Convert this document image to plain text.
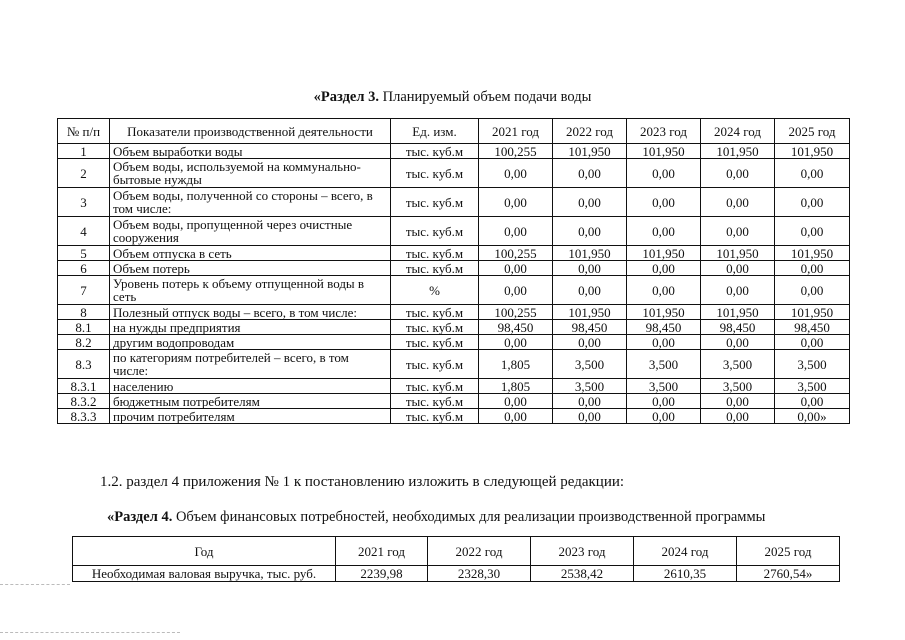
«Раздел 3. Планируемый объем подачи воды
№ п/п	Показатели производственной деятельности	Ед. изм.	2021 год	2022 год	2023 год	2024 год	2025 год
1	Объем выработки воды	тыс. куб.м	100,255	101,950	101,950	101,950	101,950
2	Объем воды, используемой на коммунально-бытовые нужды	тыс. куб.м	0,00	0,00	0,00	0,00	0,00
3	Объем воды, полученной со стороны – всего, в том числе:	тыс. куб.м	0,00	0,00	0,00	0,00	0,00
4	Объем воды, пропущенной через очистные сооружения	тыс. куб.м	0,00	0,00	0,00	0,00	0,00
5	Объем отпуска в сеть	тыс. куб.м	100,255	101,950	101,950	101,950	101,950
6	Объем потерь	тыс. куб.м	0,00	0,00	0,00	0,00	0,00
7	Уровень потерь к объему отпущенной воды в сеть	%	0,00	0,00	0,00	0,00	0,00
8	Полезный отпуск воды – всего, в том числе:	тыс. куб.м	100,255	101,950	101,950	101,950	101,950
8.1	на нужды предприятия	тыс. куб.м	98,450	98,450	98,450	98,450	98,450
8.2	другим водопроводам	тыс. куб.м	0,00	0,00	0,00	0,00	0,00
8.3	по категориям потребителей – всего, в том числе:	тыс. куб.м	1,805	3,500	3,500	3,500	3,500
8.3.1	населению	тыс. куб.м	1,805	3,500	3,500	3,500	3,500
8.3.2	бюджетным потребителям	тыс. куб.м	0,00	0,00	0,00	0,00	0,00
8.3.3	прочим потребителям	тыс. куб.м	0,00	0,00	0,00	0,00	0,00»
1.2. раздел 4 приложения № 1 к постановлению изложить в следующей редакции:
«Раздел 4. Объем финансовых потребностей, необходимых для реализации производственной программы
Год	2021 год	2022 год	2023 год	2024 год	2025 год
Необходимая валовая выручка, тыс. руб.	2239,98	2328,30	2538,42	2610,35	2760,54»
